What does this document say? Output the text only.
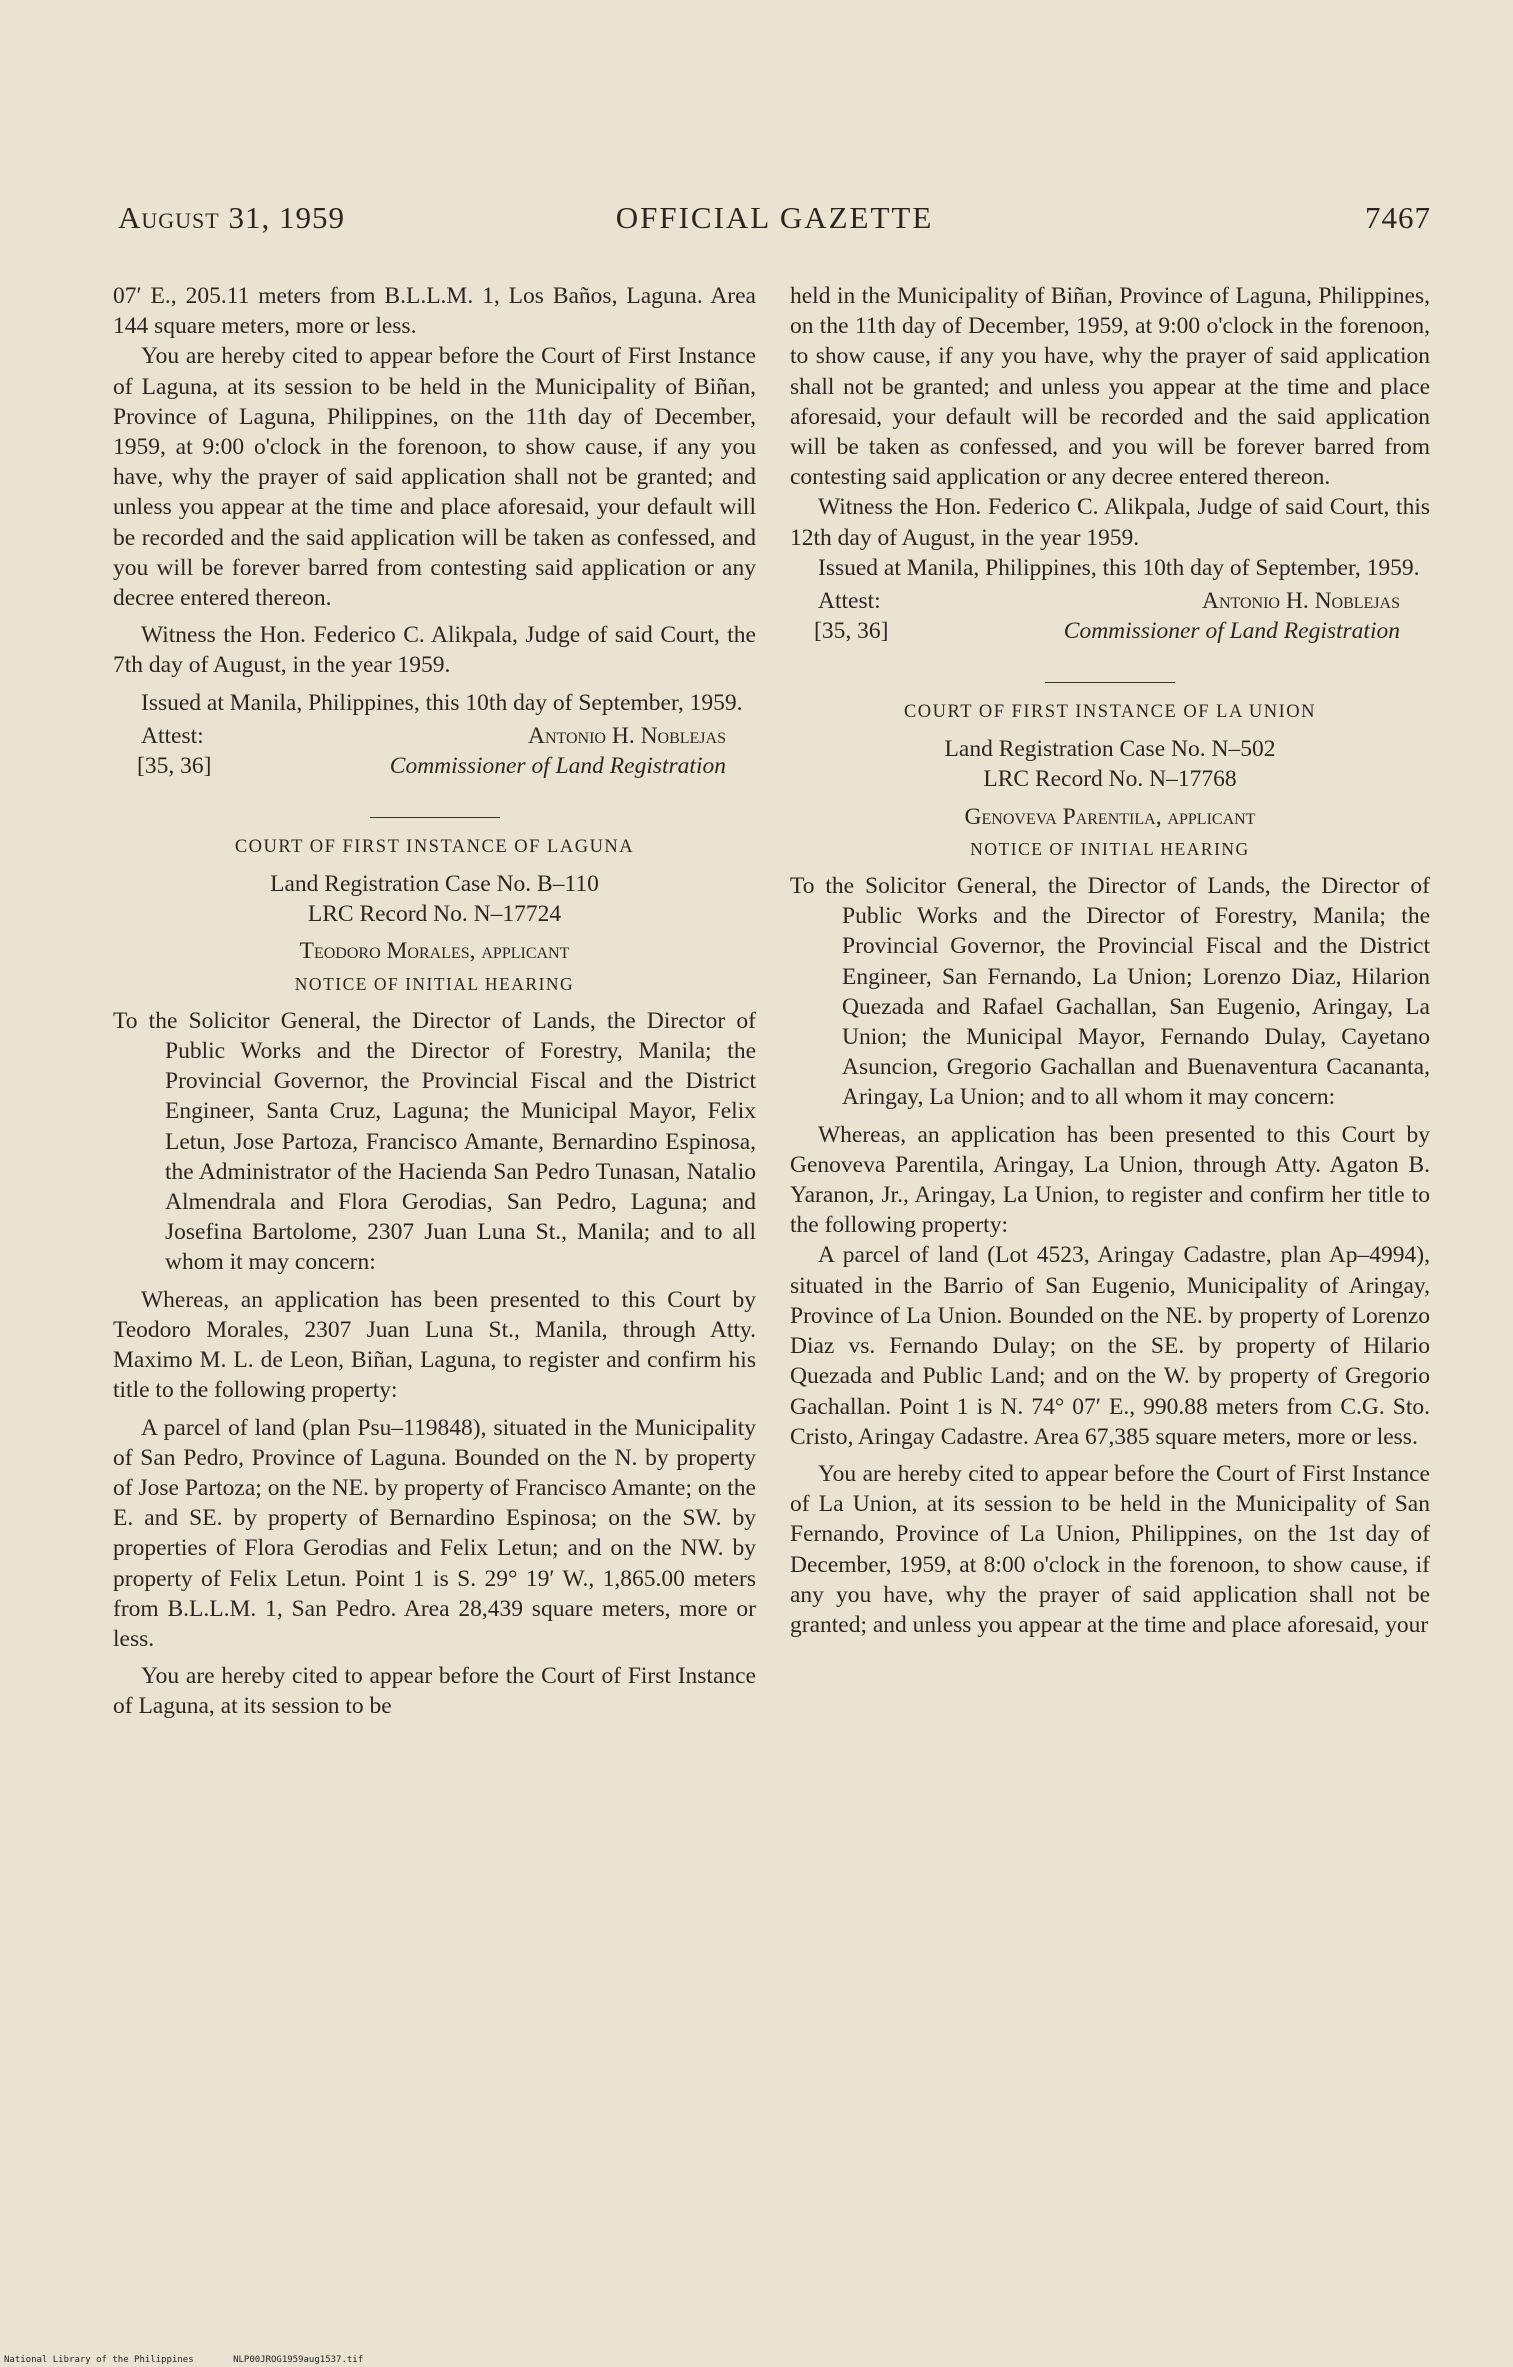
August 31, 1959	OFFICIAL GAZETTE	7467

07′ E., 205.11 meters from B.L.L.M. 1, Los Baños, Laguna. Area 144 square meters, more or less.

You are hereby cited to appear before the Court of First Instance of Laguna, at its session to be held in the Municipality of Biñan, Province of Laguna, Philippines, on the 11th day of December, 1959, at 9:00 o'clock in the forenoon, to show cause, if any you have, why the prayer of said application shall not be granted; and unless you appear at the time and place aforesaid, your default will be recorded and the said application will be taken as confessed, and you will be forever barred from contesting said application or any decree entered thereon.

Witness the Hon. Federico C. Alikpala, Judge of said Court, the 7th day of August, in the year 1959.

Issued at Manila, Philippines, this 10th day of September, 1959.

Attest:	Antonio H. Noblejas
[35, 36]	Commissioner of Land Registration

COURT OF FIRST INSTANCE OF LAGUNA

Land Registration Case No. B–110

LRC Record No. N–17724

Teodoro Morales, applicant

NOTICE OF INITIAL HEARING

To the Solicitor General, the Director of Lands, the Director of Public Works and the Director of Forestry, Manila; the Provincial Governor, the Provincial Fiscal and the District Engineer, Santa Cruz, Laguna; the Municipal Mayor, Felix Letun, Jose Partoza, Francisco Amante, Bernardino Espinosa, the Administrator of the Hacienda San Pedro Tunasan, Natalio Almendrala and Flora Gerodias, San Pedro, Laguna; and Josefina Bartolome, 2307 Juan Luna St., Manila; and to all whom it may concern:

Whereas, an application has been presented to this Court by Teodoro Morales, 2307 Juan Luna St., Manila, through Atty. Maximo M. L. de Leon, Biñan, Laguna, to register and confirm his title to the following property:

A parcel of land (plan Psu–119848), situated in the Municipality of San Pedro, Province of Laguna. Bounded on the N. by property of Jose Partoza; on the NE. by property of Francisco Amante; on the E. and SE. by property of Bernardino Espinosa; on the SW. by properties of Flora Gerodias and Felix Letun; and on the NW. by property of Felix Letun. Point 1 is S. 29° 19′ W., 1,865.00 meters from B.L.L.M. 1, San Pedro. Area 28,439 square meters, more or less.

You are hereby cited to appear before the Court of First Instance of Laguna, at its session to be

held in the Municipality of Biñan, Province of Laguna, Philippines, on the 11th day of December, 1959, at 9:00 o'clock in the forenoon, to show cause, if any you have, why the prayer of said application shall not be granted; and unless you appear at the time and place aforesaid, your default will be recorded and the said application will be taken as confessed, and you will be forever barred from contesting said application or any decree entered thereon.

Witness the Hon. Federico C. Alikpala, Judge of said Court, this 12th day of August, in the year 1959.

Issued at Manila, Philippines, this 10th day of September, 1959.

Attest:	Antonio H. Noblejas
[35, 36]	Commissioner of Land Registration

COURT OF FIRST INSTANCE OF LA UNION

Land Registration Case No. N–502

LRC Record No. N–17768

Genoveva Parentila, applicant

NOTICE OF INITIAL HEARING

To the Solicitor General, the Director of Lands, the Director of Public Works and the Director of Forestry, Manila; the Provincial Governor, the Provincial Fiscal and the District Engineer, San Fernando, La Union; Lorenzo Diaz, Hilarion Quezada and Rafael Gachallan, San Eugenio, Aringay, La Union; the Municipal Mayor, Fernando Dulay, Cayetano Asuncion, Gregorio Gachallan and Buenaventura Cacananta, Aringay, La Union; and to all whom it may concern:

Whereas, an application has been presented to this Court by Genoveva Parentila, Aringay, La Union, through Atty. Agaton B. Yaranon, Jr., Aringay, La Union, to register and confirm her title to the following property:

A parcel of land (Lot 4523, Aringay Cadastre, plan Ap–4994), situated in the Barrio of San Eugenio, Municipality of Aringay, Province of La Union. Bounded on the NE. by property of Lorenzo Diaz vs. Fernando Dulay; on the SE. by property of Hilario Quezada and Public Land; and on the W. by property of Gregorio Gachallan. Point 1 is N. 74° 07′ E., 990.88 meters from C.G. Sto. Cristo, Aringay Cadastre. Area 67,385 square meters, more or less.

You are hereby cited to appear before the Court of First Instance of La Union, at its session to be held in the Municipality of San Fernando, Province of La Union, Philippines, on the 1st day of December, 1959, at 8:00 o'clock in the forenoon, to show cause, if any you have, why the prayer of said application shall not be granted; and unless you appear at the time and place aforesaid, your

National Library of the Philippines	NLP00JROG1959aug1537.tif
